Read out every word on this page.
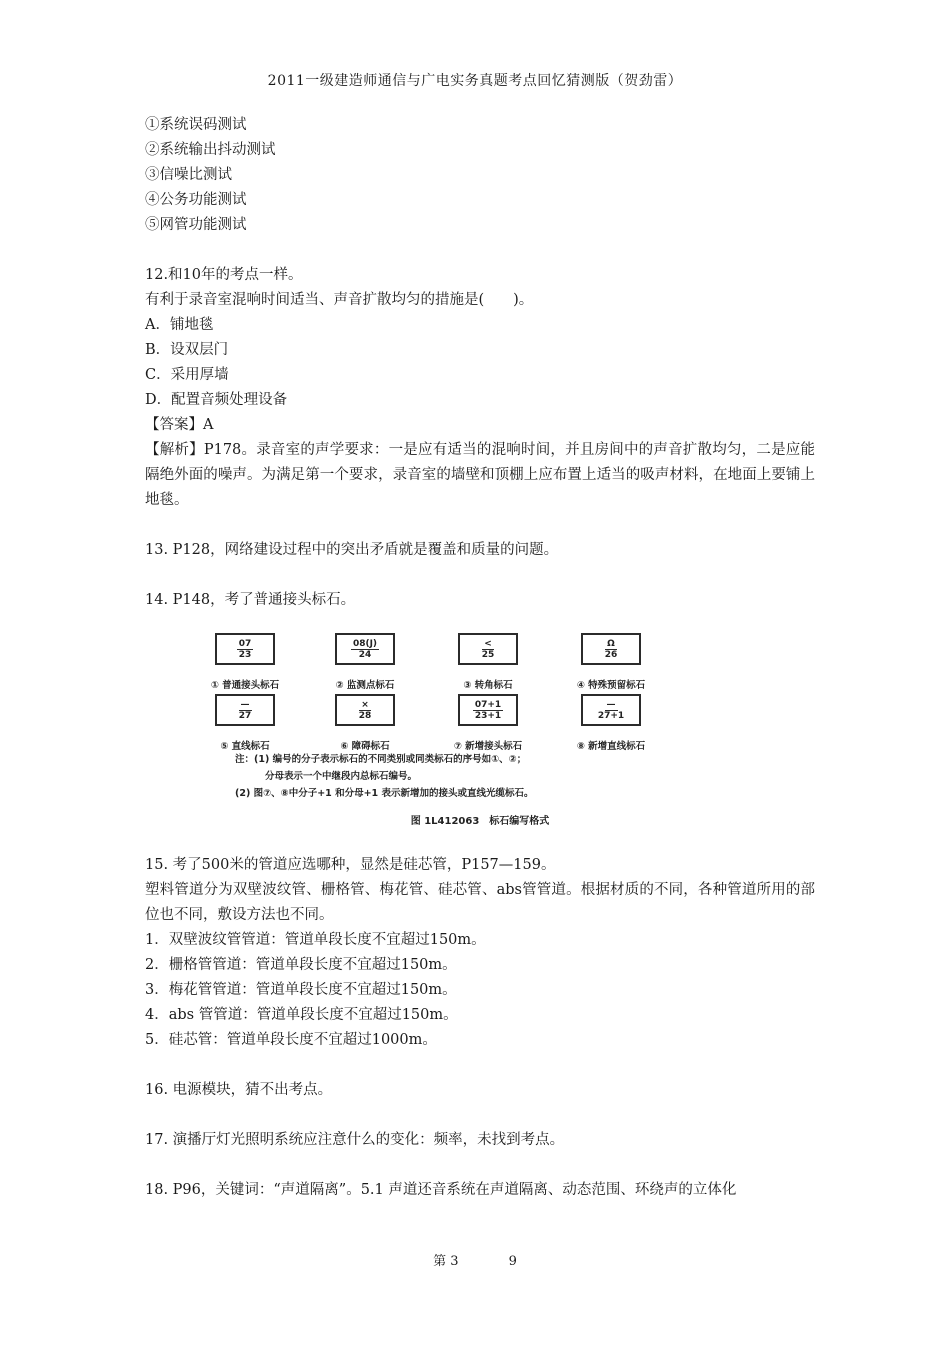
2011一级建造师通信与广电实务真题考点回忆猜测版（贺劲雷）
①系统误码测试
②系统输出抖动测试
③信噪比测试
④公务功能测试
⑤网管功能测试
12.和10年的考点一样。
有利于录音室混响时间适当、声音扩散均匀的措施是(　　)。
A．铺地毯
B．设双层门
C．采用厚墙
D．配置音频处理设备
【答案】A
【解析】P178。录音室的声学要求：一是应有适当的混响时间，并且房间中的声音扩散均匀，二是应能隔绝外面的噪声。为满足第一个要求，录音室的墙壁和顶棚上应布置上适当的吸声材料，在地面上要铺上地毯。
13. P128，网络建设过程中的突出矛盾就是覆盖和质量的问题。
14. P148，考了普通接头标石。
07
23
① 普通接头标石
08(J)
24
② 监测点标石
<
25
③ 转角标石
Ω
26
④ 特殊预留标石
—
27
⑤ 直线标石
×
28
⑥ 障碍标石
07+1
23+1
⑦ 新增接头标石
—
27+1
⑧ 新增直线标石
注：(1) 编号的分子表示标石的不同类别或同类标石的序号如①、②；
分母表示一个中继段内总标石编号。
(2) 图⑦、⑧中分子+1 和分母+1 表示新增加的接头或直线光缆标石。
图 1L412063　标石编写格式
15. 考了500米的管道应选哪种，显然是硅芯管，P157—159。
塑料管道分为双壁波纹管、栅格管、梅花管、硅芯管、abs管管道。根据材质的不同，各种管道所用的部位也不同，敷设方法也不同。
1．双壁波纹管管道：管道单段长度不宜超过150m。
2．栅格管管道：管道单段长度不宜超过150m。
3．梅花管管道：管道单段长度不宜超过150m。
4．abs 管管道：管道单段长度不宜超过150m。
5．硅芯管：管道单段长度不宜超过1000m。
16. 电源模块，猜不出考点。
17. 演播厅灯光照明系统应注意什么的变化：频率，未找到考点。
18. P96，关键词：“声道隔离”。5.1 声道还音系统在声道隔离、动态范围、环绕声的立体化
第 3	9
